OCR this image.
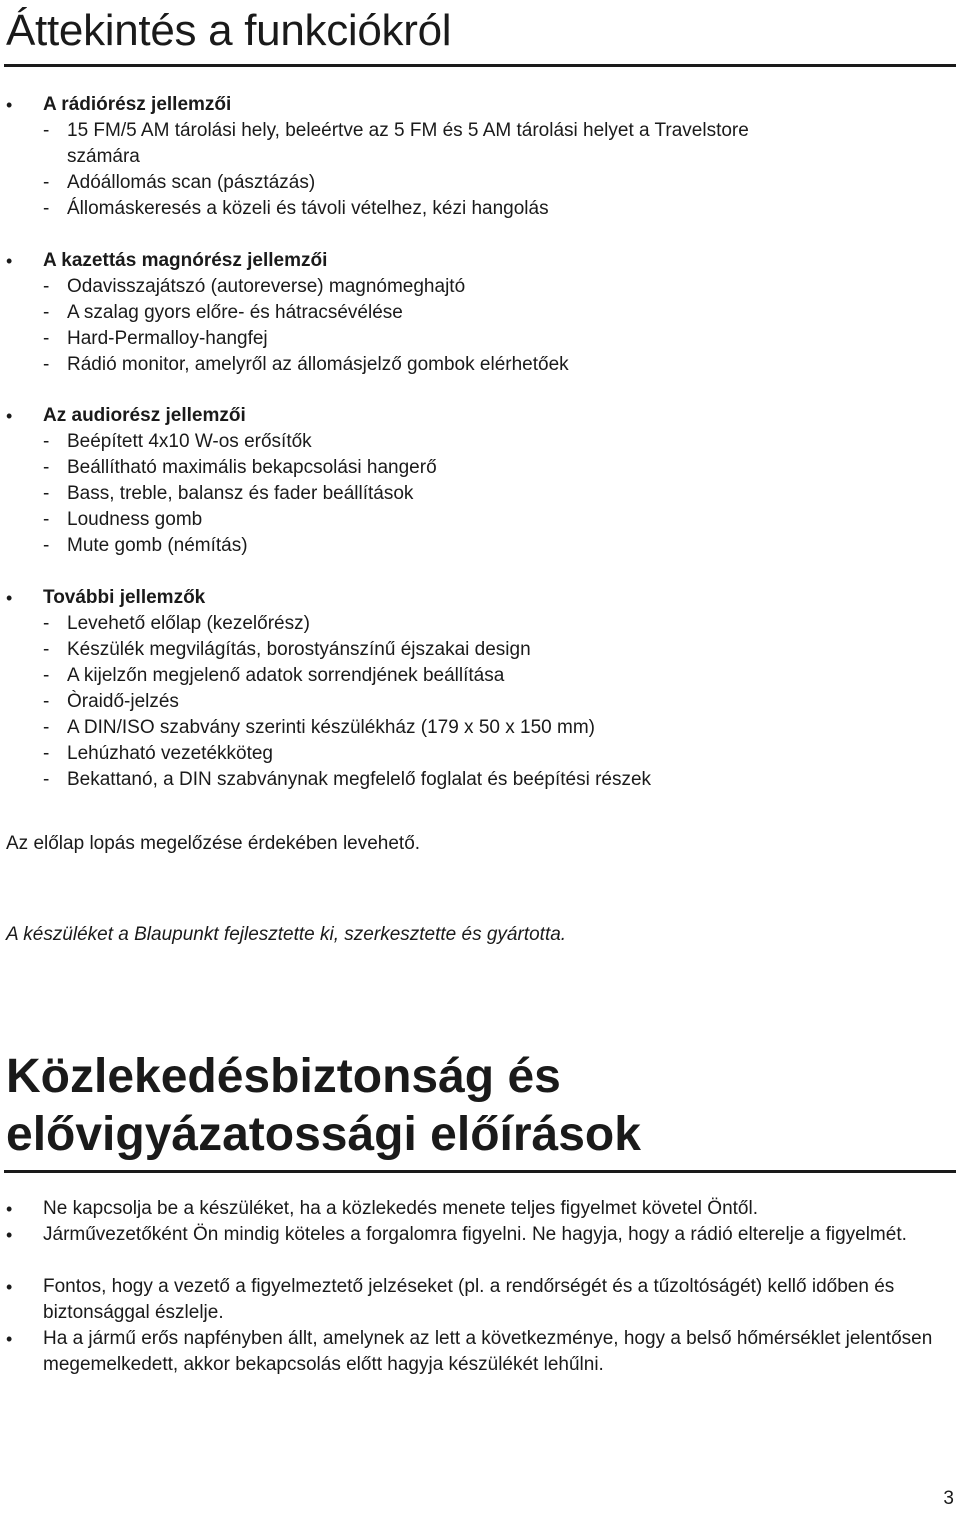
Áttekintés a funkciókról
• A rádiórész jellemzői
- 15 FM/5 AM tárolási hely, beleértve az 5 FM és 5 AM tárolási helyet a Travelstore
számára
- Adóállomás scan (pásztázás)
- Állomáskeresés a közeli és távoli vételhez, kézi hangolás
• A kazettás magnórész jellemzői
- Odavisszajátszó (autoreverse) magnómeghajtó
- A szalag gyors előre- és hátracsévélése
- Hard-Permalloy-hangfej
- Rádió monitor, amelyről az állomásjelző gombok elérhetőek
• Az audiorész jellemzői
- Beépített 4x10 W-os erősítők
- Beállítható maximális bekapcsolási hangerő
- Bass, treble, balansz és fader beállítások
- Loudness gomb
- Mute gomb (némítás)
• További jellemzők
- Levehető előlap (kezelőrész)
- Készülék megvilágítás, borostyánszínű éjszakai design
- A kijelzőn megjelenő adatok sorrendjének beállítása
- Òraidő-jelzés
- A DIN/ISO szabvány szerinti készülékház (179 x 50 x 150 mm)
- Lehúzható vezetékköteg
- Bekattanó, a DIN szabványnak megfelelő foglalat és beépítési részek

Az előlap lopás megelőzése érdekében levehető.

A készüléket a Blaupunkt fejlesztette ki, szerkesztette és gyártotta.

Közlekedésbiztonság és
elővigyázatossági előírások
• Ne kapcsolja be a készüléket, ha a közlekedés menete teljes figyelmet követel Öntől.
• Járművezetőként Ön mindig köteles a forgalomra figyelni. Ne hagyja, hogy a rádió elterelje a figyelmét.
• Fontos, hogy a vezető a figyelmeztető jelzéseket (pl. a rendőrségét és a tűzoltóságét) kellő időben és biztonsággal észlelje.
• Ha a jármű erős napfényben állt, amelynek az lett a következménye, hogy a belső hőmérséklet jelentősen megemelkedett, akkor bekapcsolás előtt hagyja készülékét lehűlni.
3
